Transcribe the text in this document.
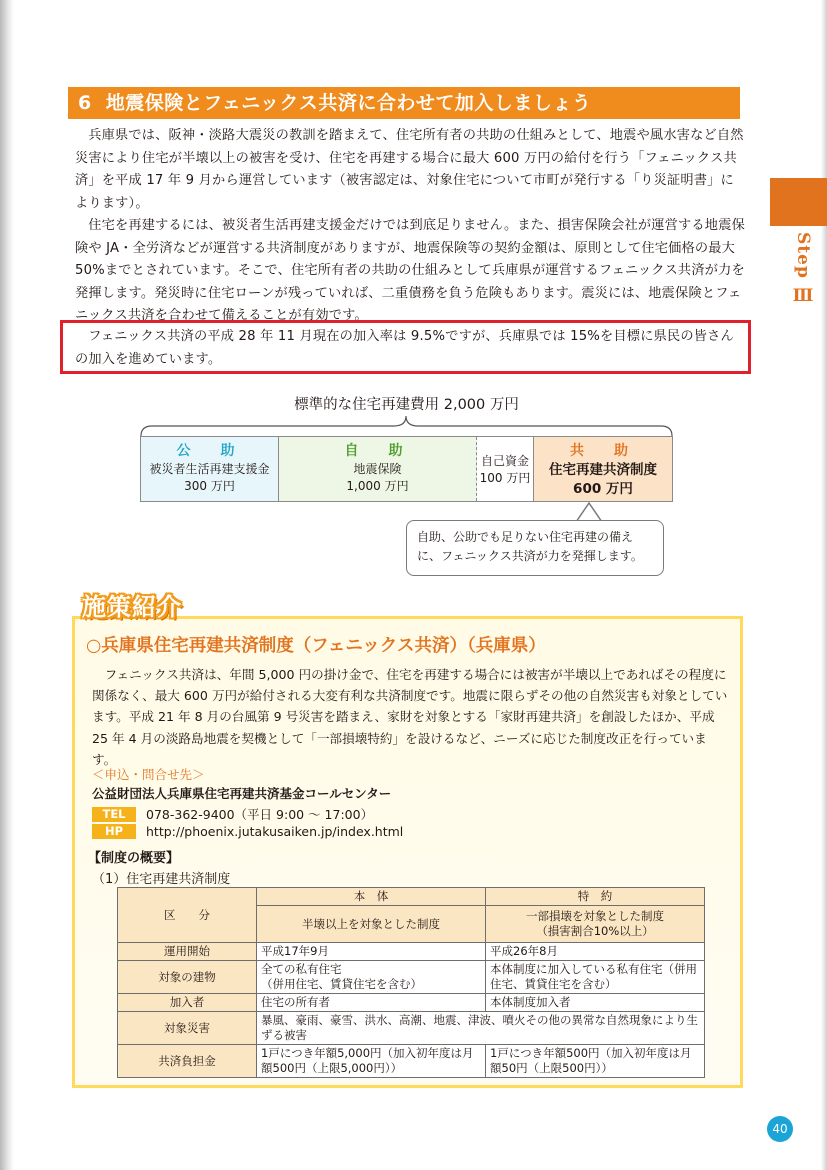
6 地震保険とフェニックス共済に合わせて加入しましょう

兵庫県では、阪神・淡路大震災の教訓を踏まえて、住宅所有者の共助の仕組みとして、地震や風水害など自然災害により住宅が半壊以上の被害を受け、住宅を再建する場合に最大 600 万円の給付を行う「フェニックス共済」を平成 17 年 9 月から運営しています（被害認定は、対象住宅について市町が発行する「り災証明書」によります）。

住宅を再建するには、被災者生活再建支援金だけでは到底足りません。また、損害保険会社が運営する地震保険や JA・全労済などが運営する共済制度がありますが、地震保険等の契約金額は、原則として住宅価格の最大 50%までとされています。そこで、住宅所有者の共助の仕組みとして兵庫県が運営するフェニックス共済が力を発揮します。発災時に住宅ローンが残っていれば、二重債務を負う危険もあります。震災には、地震保険とフェニックス共済を合わせて備えることが有効です。

フェニックス共済の平成 28 年 11 月現在の加入率は 9.5%ですが、兵庫県では 15%を目標に県民の皆さんの加入を進めています。

Step Ⅲ
標準的な住宅再建費用 2,000 万円
公　助
被災者生活再建支援金
300 万円
自　助
地震保険
1,000 万円
自己資金
100 万円
共　助
住宅再建共済制度
600 万円
自助、公助でも足りない住宅再建の備えに、フェニックス共済が力を発揮します。
施策紹介
○兵庫県住宅再建共済制度（フェニックス共済）（兵庫県）

フェニックス共済は、年間 5,000 円の掛け金で、住宅を再建する場合には被害が半壊以上であればその程度に関係なく、最大 600 万円が給付される大変有利な共済制度です。地震に限らずその他の自然災害も対象としています。平成 21 年 8 月の台風第 9 号災害を踏まえ、家財を対象とする「家財再建共済」を創設したほか、平成 25 年 4 月の淡路島地震を契機として「一部損壊特約」を設けるなど、ニーズに応じた制度改正を行っています。

＜申込・問合せ先＞
公益財団法人兵庫県住宅再建共済基金コールセンター
TEL	078-362-9400（平日 9:00 ～ 17:00）
HP	http://phoenix.jutakusaiken.jp/index.html
【制度の概要】
（1）住宅再建共済制度
区　　分	本　体	特　約
	半壊以上を対象とした制度	一部損壊を対象とした制度
（損害割合10%以上）
運用開始	平成17年9月	平成26年8月
対象の建物	全ての私有住宅
（併用住宅、賃貸住宅を含む）	本体制度に加入している私有住宅（併用住宅、賃貸住宅を含む）
加入者	住宅の所有者	本体制度加入者
対象災害	暴風、豪雨、豪雪、洪水、高潮、地震、津波、噴火その他の異常な自然現象により生ずる被害	
共済負担金	1戸につき年額5,000円（加入初年度は月額500円（上限5,000円））	1戸につき年額500円（加入初年度は月額50円（上限500円））
40
